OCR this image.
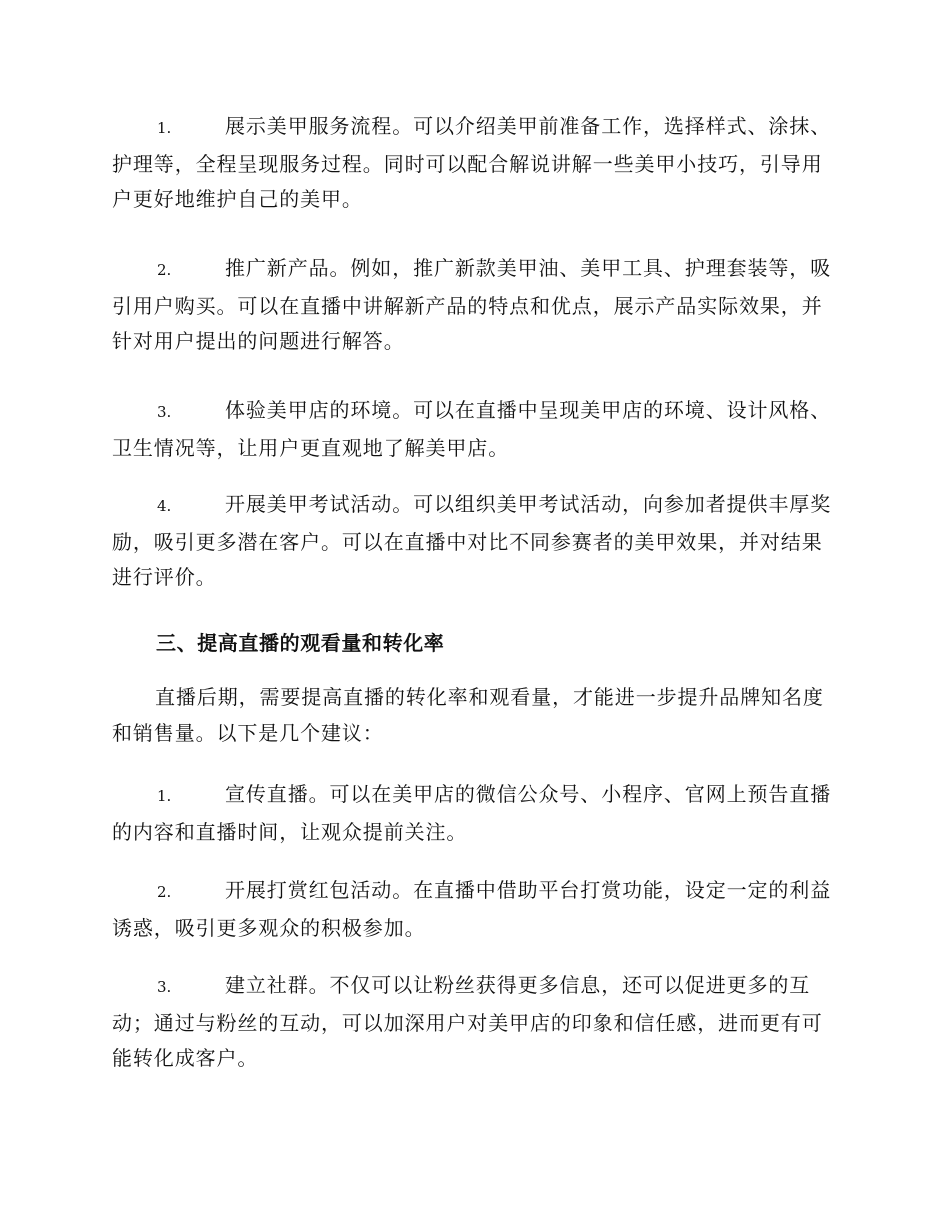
1.	展示美甲服务流程。可以介绍美甲前准备工作，选择样式、涂抹、护理等，全程呈现服务过程。同时可以配合解说讲解一些美甲小技巧，引导用户更好地维护自己的美甲。
2.	推广新产品。例如，推广新款美甲油、美甲工具、护理套装等，吸引用户购买。可以在直播中讲解新产品的特点和优点，展示产品实际效果，并针对用户提出的问题进行解答。
3.	体验美甲店的环境。可以在直播中呈现美甲店的环境、设计风格、卫生情况等，让用户更直观地了解美甲店。
4.	开展美甲考试活动。可以组织美甲考试活动，向参加者提供丰厚奖励，吸引更多潜在客户。可以在直播中对比不同参赛者的美甲效果，并对结果进行评价。
三、提高直播的观看量和转化率
直播后期，需要提高直播的转化率和观看量，才能进一步提升品牌知名度和销售量。以下是几个建议：
1.	宣传直播。可以在美甲店的微信公众号、小程序、官网上预告直播的内容和直播时间，让观众提前关注。
2.	开展打赏红包活动。在直播中借助平台打赏功能，设定一定的利益诱惑，吸引更多观众的积极参加。
3.	建立社群。不仅可以让粉丝获得更多信息，还可以促进更多的互动；通过与粉丝的互动，可以加深用户对美甲店的印象和信任感，进而更有可能转化成客户。
